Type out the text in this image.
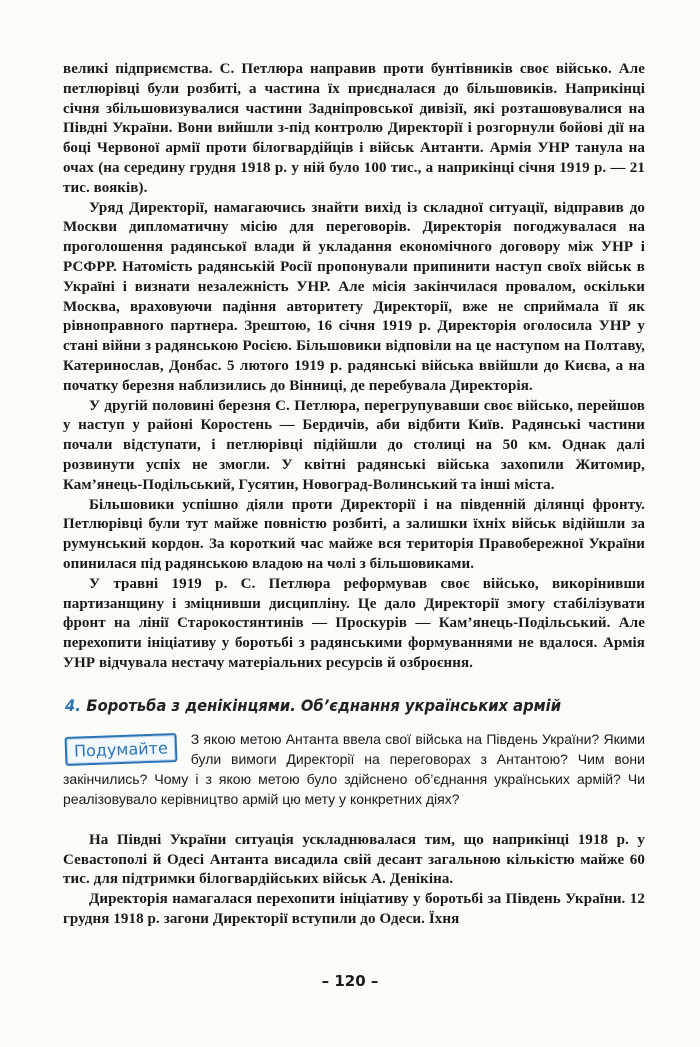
великі підприємства. С. Петлюра направив проти бунтівників своє військо. Але петлюрівці були розбиті, а частина їх приєдналася до більшовиків. Наприкінці січня збільшовизувалися частини Задніпровської дивізії, які розташовувалися на Півдні України. Вони вийшли з-під контролю Директорії і розгорнули бойові дії на боці Червоної армії проти білогвардійців і військ Антанти. Армія УНР танула на очах (на середину грудня 1918 р. у ній було 100 тис., а наприкінці січня 1919 р. — 21 тис. вояків).

Уряд Директорії, намагаючись знайти вихід із складної ситуації, відправив до Москви дипломатичну місію для переговорів. Директорія погоджувалася на проголошення радянської влади й укладання економічного договору між УНР і РСФРР. Натомість радянській Росії пропонували припинити наступ своїх військ в Україні і визнати незалежність УНР. Але місія закінчилася провалом, оскільки Москва, враховуючи падіння авторитету Директорії, вже не сприймала її як рівноправного партнера. Зрештою, 16 січня 1919 р. Директорія оголосила УНР у стані війни з радянською Росією. Більшовики відповіли на це наступом на Полтаву, Катеринослав, Донбас. 5 лютого 1919 р. радянські війська ввійшли до Києва, а на початку березня наблизились до Вінниці, де перебувала Директорія.

У другій половині березня С. Петлюра, перегрупувавши своє військо, перейшов у наступ у районі Коростень — Бердичів, аби відбити Київ. Радянські частини почали відступати, і петлюрівці підійшли до столиці на 50 км. Однак далі розвинути успіх не змогли. У квітні радянські війська захопили Житомир, Кам’янець-Подільський, Гусятин, Новоград-Волинський та інші міста.

Більшовики успішно діяли проти Директорії і на південній ділянці фронту. Петлюрівці були тут майже повністю розбиті, а залишки їхніх військ відійшли за румунський кордон. За короткий час майже вся територія Правобережної України опинилася під радянською владою на чолі з більшовиками.

У травні 1919 р. С. Петлюра реформував своє військо, викорінивши партизанщину і зміцнивши дисципліну. Це дало Директорії змогу стабілізувати фронт на лінії Старокостянтинів — Проскурів — Кам’янець-Подільський. Але перехопити ініціативу у боротьбі з радянськими формуваннями не вдалося. Армія УНР відчувала нестачу матеріальних ресурсів й озброєння.

4. Боротьба з денікінцями. Об’єднання українських армій
Подумайте	З якою метою Антанта ввела свої війська на Південь України? Якими були вимоги Директорії на переговорах з Антантою? Чим вони закінчились? Чому і з якою метою було здійснено об’єднання українських армій? Чи реалізовувало керівництво армій цю мету у конкретних діях?

На Півдні України ситуація ускладнювалася тим, що наприкінці 1918 р. у Севастополі й Одесі Антанта висадила свій десант загальною кількістю майже 60 тис. для підтримки білогвардійських військ А. Денікіна.

Директорія намагалася перехопити ініціативу у боротьбі за Південь України. 12 грудня 1918 р. загони Директорії вступили до Одеси. Їхня

– 120 –
